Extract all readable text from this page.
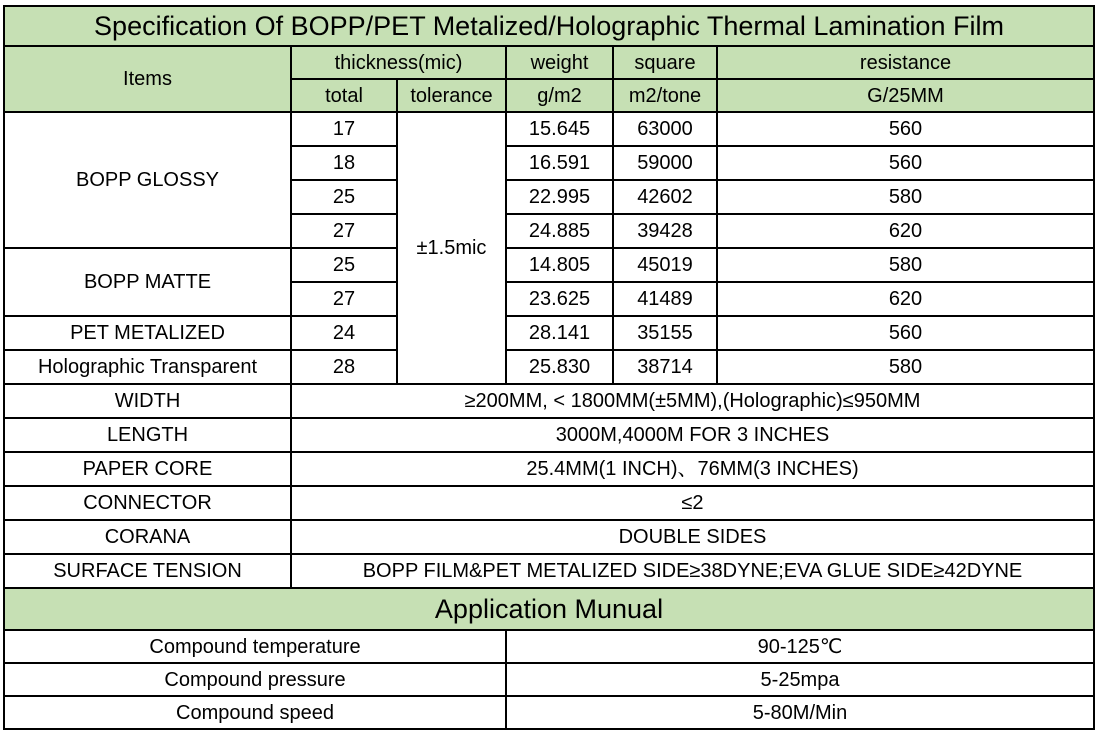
Specification Of BOPP/PET Metalized/Holographic Thermal Lamination Film					
Items	thickness(mic)		weight	square	resistance
	total	tolerance	g/m2	m2/tone	G/25MM
BOPP GLOSSY	17	±1.5mic	15.645	63000	560
	18		16.591	59000	560
	25		22.995	42602	580
	27		24.885	39428	620
BOPP MATTE	25		14.805	45019	580
	27		23.625	41489	620
PET METALIZED	24		28.141	35155	560
Holographic Transparent	28		25.830	38714	580
WIDTH	≥200MM, < 1800MM(±5MM),(Holographic)≤950MM				
LENGTH	3000M,4000M FOR 3 INCHES				
PAPER CORE	25.4MM(1 INCH)、76MM(3 INCHES)				
CONNECTOR	≤2				
CORANA	DOUBLE SIDES				
SURFACE TENSION	BOPP FILM&PET METALIZED SIDE≥38DYNE;EVA GLUE SIDE≥42DYNE				
Application Munual					
Compound temperature			90-125℃		
Compound pressure			5-25mpa		
Compound speed			5-80M/Min		
